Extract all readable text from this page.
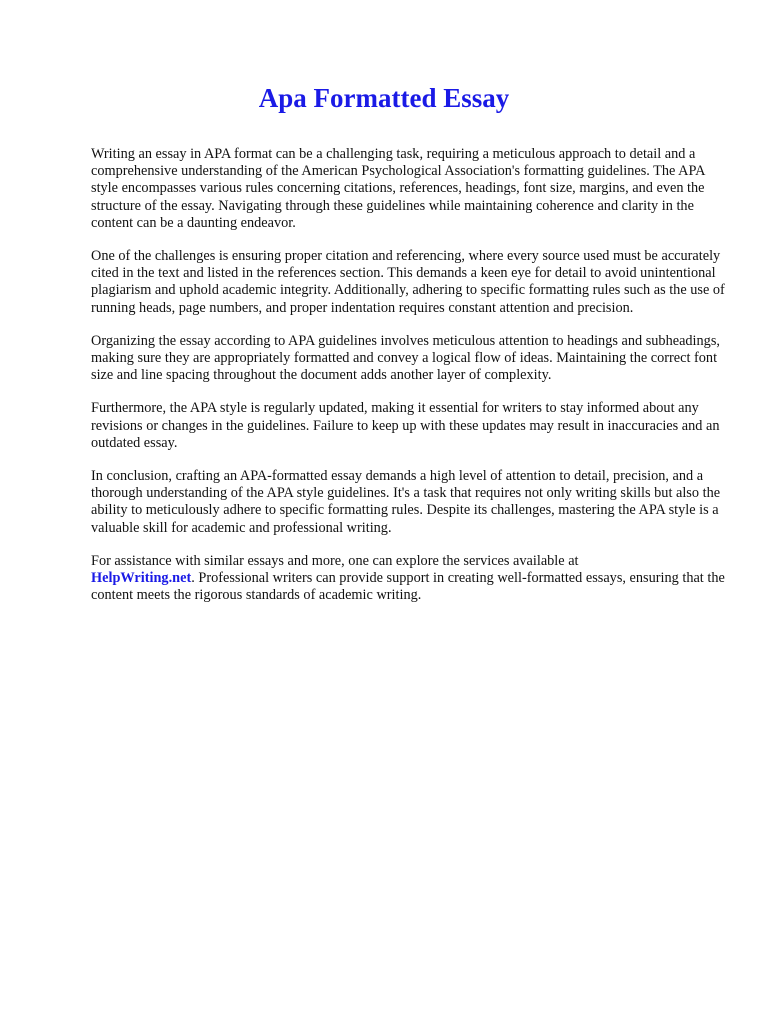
Apa Formatted Essay

Writing an essay in APA format can be a challenging task, requiring a meticulous approach to detail and a comprehensive understanding of the American Psychological Association's formatting guidelines. The APA style encompasses various rules concerning citations, references, headings, font size, margins, and even the structure of the essay. Navigating through these guidelines while maintaining coherence and clarity in the content can be a daunting endeavor.

One of the challenges is ensuring proper citation and referencing, where every source used must be accurately cited in the text and listed in the references section. This demands a keen eye for detail to avoid unintentional plagiarism and uphold academic integrity. Additionally, adhering to specific formatting rules such as the use of running heads, page numbers, and proper indentation requires constant attention and precision.

Organizing the essay according to APA guidelines involves meticulous attention to headings and subheadings, making sure they are appropriately formatted and convey a logical flow of ideas. Maintaining the correct font size and line spacing throughout the document adds another layer of complexity.

Furthermore, the APA style is regularly updated, making it essential for writers to stay informed about any revisions or changes in the guidelines. Failure to keep up with these updates may result in inaccuracies and an outdated essay.

In conclusion, crafting an APA-formatted essay demands a high level of attention to detail, precision, and a thorough understanding of the APA style guidelines. It's a task that requires not only writing skills but also the ability to meticulously adhere to specific formatting rules. Despite its challenges, mastering the APA style is a valuable skill for academic and professional writing.

For assistance with similar essays and more, one can explore the services available at
HelpWriting.net. Professional writers can provide support in creating well-formatted essays, ensuring that the content meets the rigorous standards of academic writing.
